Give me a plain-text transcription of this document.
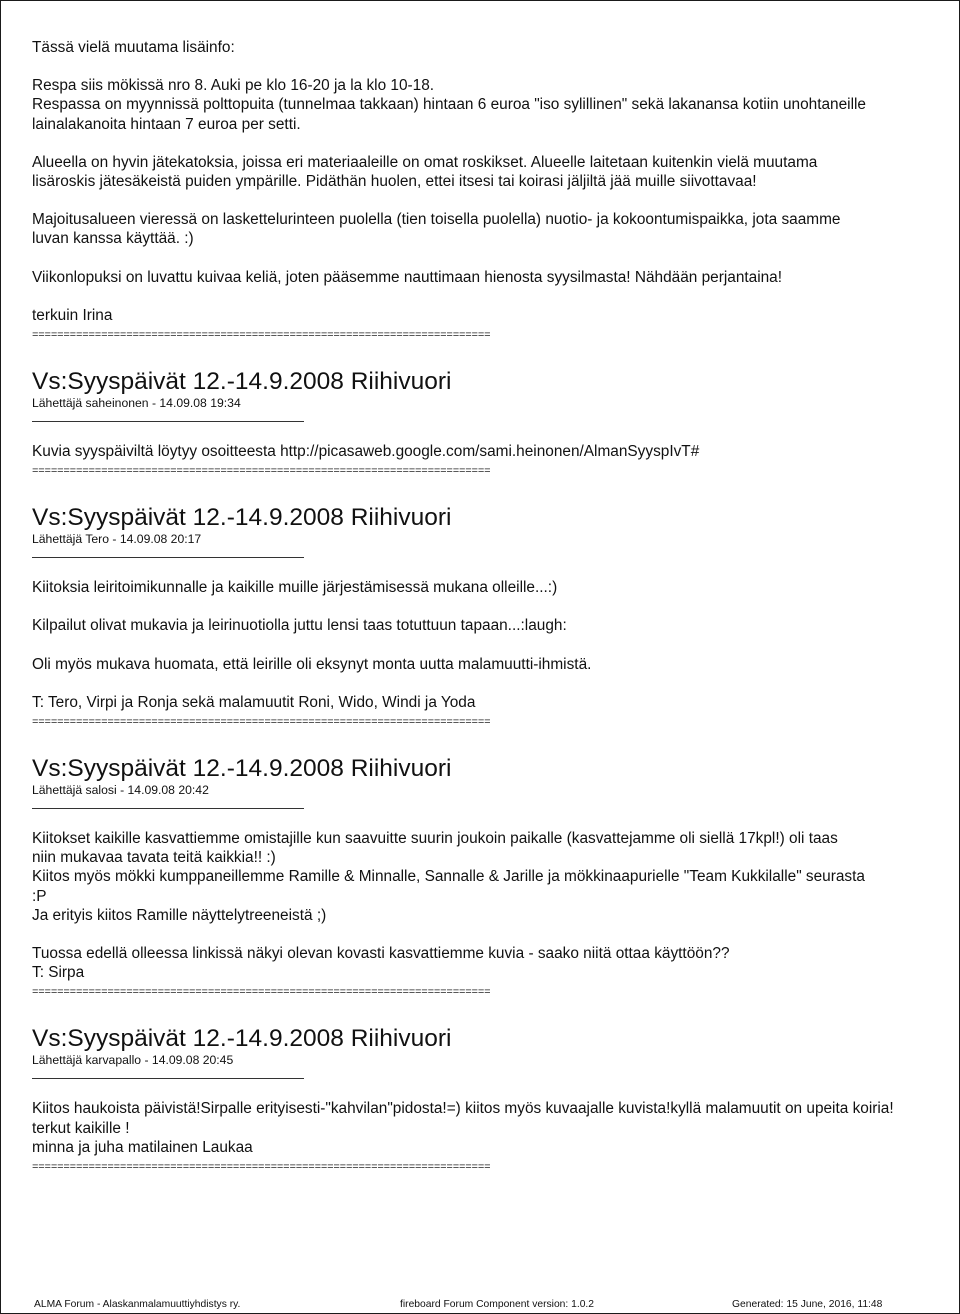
Tässä vielä muutama lisäinfo:
Respa siis mökissä nro 8. Auki pe klo 16-20 ja la klo 10-18.
Respassa on myynnissä polttopuita (tunnelmaa takkaan) hintaan 6 euroa "iso sylillinen" sekä lakanansa kotiin unohtaneille
lainalakanoita hintaan 7 euroa per setti.
Alueella on hyvin jätekatoksia, joissa eri materiaaleille on omat roskikset. Alueelle laitetaan kuitenkin vielä muutama
lisäroskis jätesäkeistä puiden ympärille. Pidäthän huolen, ettei itsesi tai koirasi jäljiltä jää muille siivottavaa!
Majoitusalueen vieressä on laskettelurinteen puolella (tien toisella puolella) nuotio- ja kokoontumispaikka, jota saamme
luvan kanssa käyttää. :)
Viikonlopuksi on luvattu kuivaa keliä, joten pääsemme nauttimaan hienosta syysilmasta! Nähdään perjantaina!
terkuin Irina
=========================================================================
Vs:Syyspäivät 12.-14.9.2008 Riihivuori
Lähettäjä saheinonen - 14.09.08 19:34
Kuvia syyspäiviltä löytyy osoitteesta http://picasaweb.google.com/sami.heinonen/AlmanSyyspIvT#
=========================================================================
Vs:Syyspäivät 12.-14.9.2008 Riihivuori
Lähettäjä Tero - 14.09.08 20:17
Kiitoksia leiritoimikunnalle ja kaikille muille järjestämisessä mukana olleille...:)
Kilpailut olivat mukavia ja leirinuotiolla juttu lensi taas totuttuun tapaan...:laugh:
Oli myös mukava huomata, että leirille oli eksynyt monta uutta malamuutti-ihmistä.
T: Tero, Virpi ja Ronja sekä malamuutit Roni, Wido, Windi ja Yoda
=========================================================================
Vs:Syyspäivät 12.-14.9.2008 Riihivuori
Lähettäjä salosi - 14.09.08 20:42
Kiitokset kaikille kasvattiemme omistajille kun saavuitte suurin joukoin paikalle (kasvattejamme oli siellä 17kpl!) oli taas
niin mukavaa tavata teitä kaikkia!! :)
Kiitos myös mökki kumppaneillemme Ramille & Minnalle, Sannalle & Jarille ja mökkinaapurielle "Team Kukkilalle" seurasta
:P
Ja erityis kiitos Ramille näyttelytreeneistä ;)
Tuossa edellä olleessa linkissä näkyi olevan kovasti kasvattiemme kuvia - saako niitä ottaa käyttöön??
T: Sirpa
=========================================================================
Vs:Syyspäivät 12.-14.9.2008 Riihivuori
Lähettäjä karvapallo - 14.09.08 20:45
Kiitos haukoista päivistä!Sirpalle erityisesti-"kahvilan"pidosta!=) kiitos myös kuvaajalle kuvista!kyllä malamuutit on upeita koiria!
terkut kaikille !
minna ja juha matilainen Laukaa
=========================================================================
ALMA Forum - Alaskanmalamuuttiyhdistys ry.	fireboard Forum Component version: 1.0.2	Generated: 15 June, 2016, 11:48
